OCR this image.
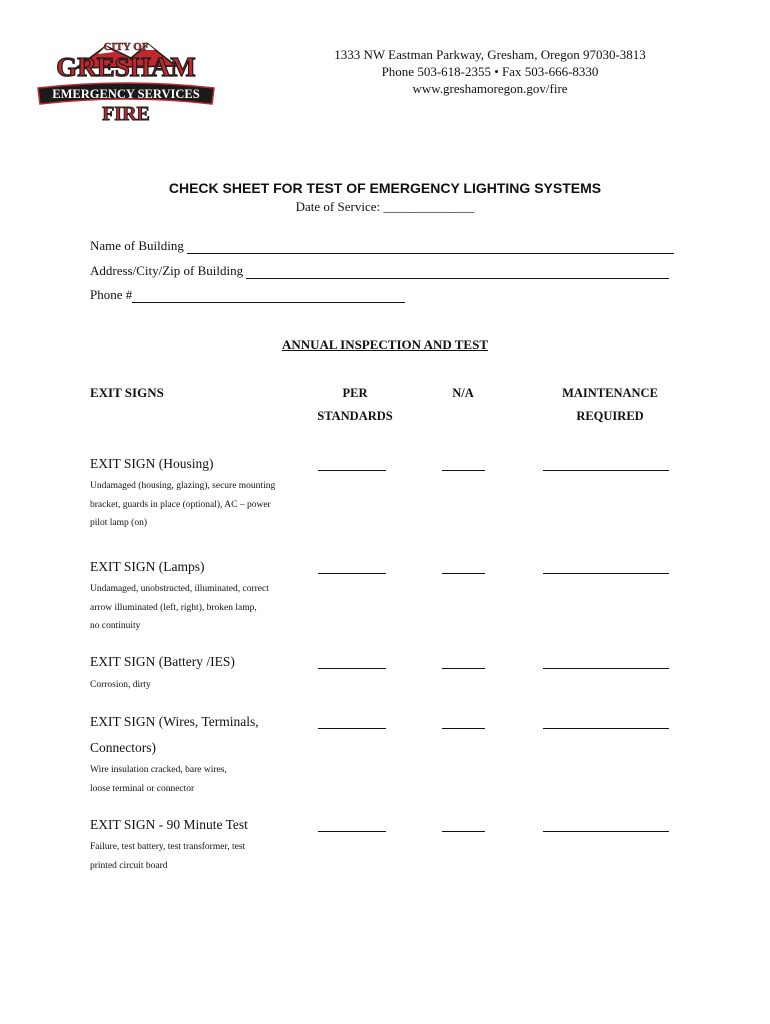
CITY OF
GRESHAM
EMERGENCY SERVICES
FIRE
1333 NW Eastman Parkway, Gresham, Oregon 97030-3813
Phone 503-618-2355 • Fax 503-666-8330
www.greshamoregon.gov/fire
___________________________________________________________________________________________________________________________
CHECK SHEET FOR TEST OF EMERGENCY LIGHTING SYSTEMS
Date of Service: ______________
Name of Building
Address/City/Zip of Building
Phone #
ANNUAL INSPECTION AND TEST
EXIT SIGNS	PER
STANDARDS
N/A	MAINTENANCE
REQUIRED
EXIT SIGN (Housing)
Undamaged (housing, glazing), secure mounting
bracket, guards in place (optional), AC – power
pilot lamp (on)
EXIT SIGN (Lamps)
Undamaged, unobstructed, illuminated, correct
arrow illuminated (left, right), broken lamp,
no continuity
EXIT SIGN (Battery /IES)
Corrosion, dirty
EXIT SIGN (Wires, Terminals,
Connectors)
Wire insulation cracked, bare wires,
loose terminal or connector
EXIT SIGN - 90 Minute Test
Failure, test battery, test transformer, test
printed circuit board
